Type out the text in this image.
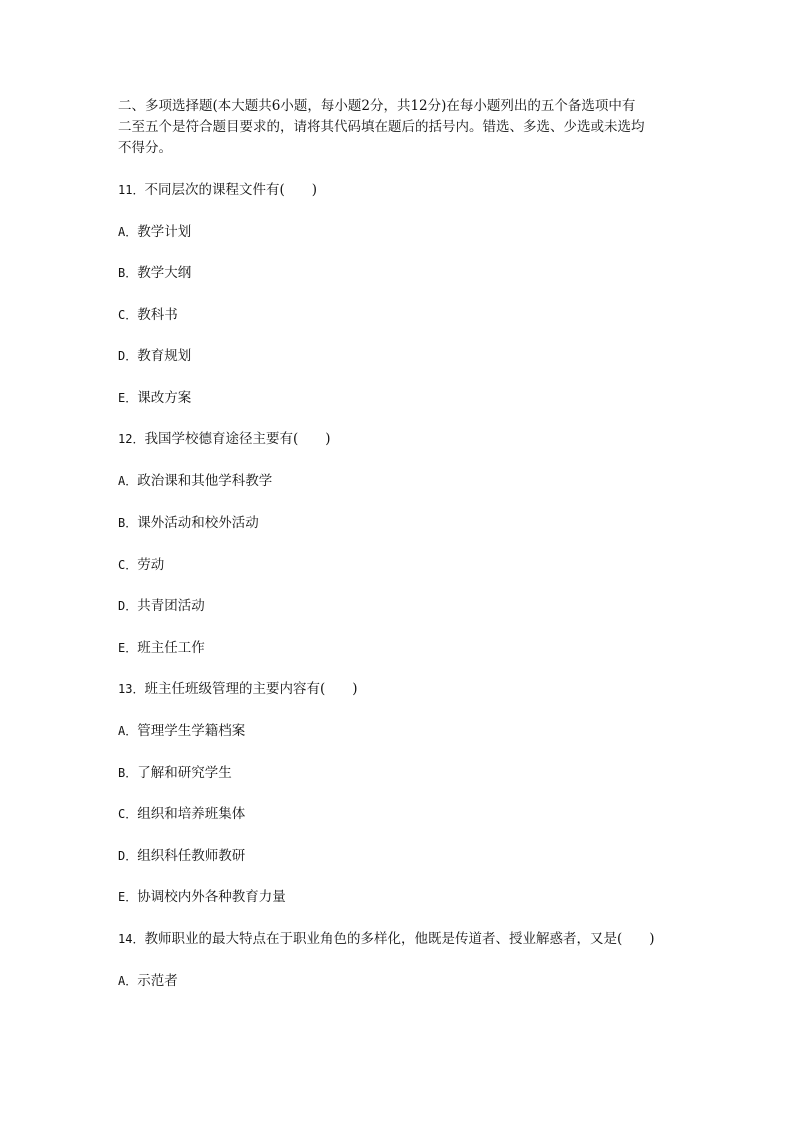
二、多项选择题(本大题共6小题，每小题2分，共12分)在每小题列出的五个备选项中有

二至五个是符合题目要求的，请将其代码填在题后的括号内。错选、多选、少选或未选均

不得分。

11．不同层次的课程文件有(　　)
A．教学计划
B．教学大纲
C．教科书
D．教育规划
E．课改方案
12．我国学校德育途径主要有(　　)
A．政治课和其他学科教学
B．课外活动和校外活动
C．劳动
D．共青团活动
E．班主任工作
13．班主任班级管理的主要内容有(　　)
A．管理学生学籍档案
B．了解和研究学生
C．组织和培养班集体
D．组织科任教师教研
E．协调校内外各种教育力量
14．教师职业的最大特点在于职业角色的多样化，他既是传道者、授业解惑者，又是(　　)
A．示范者
